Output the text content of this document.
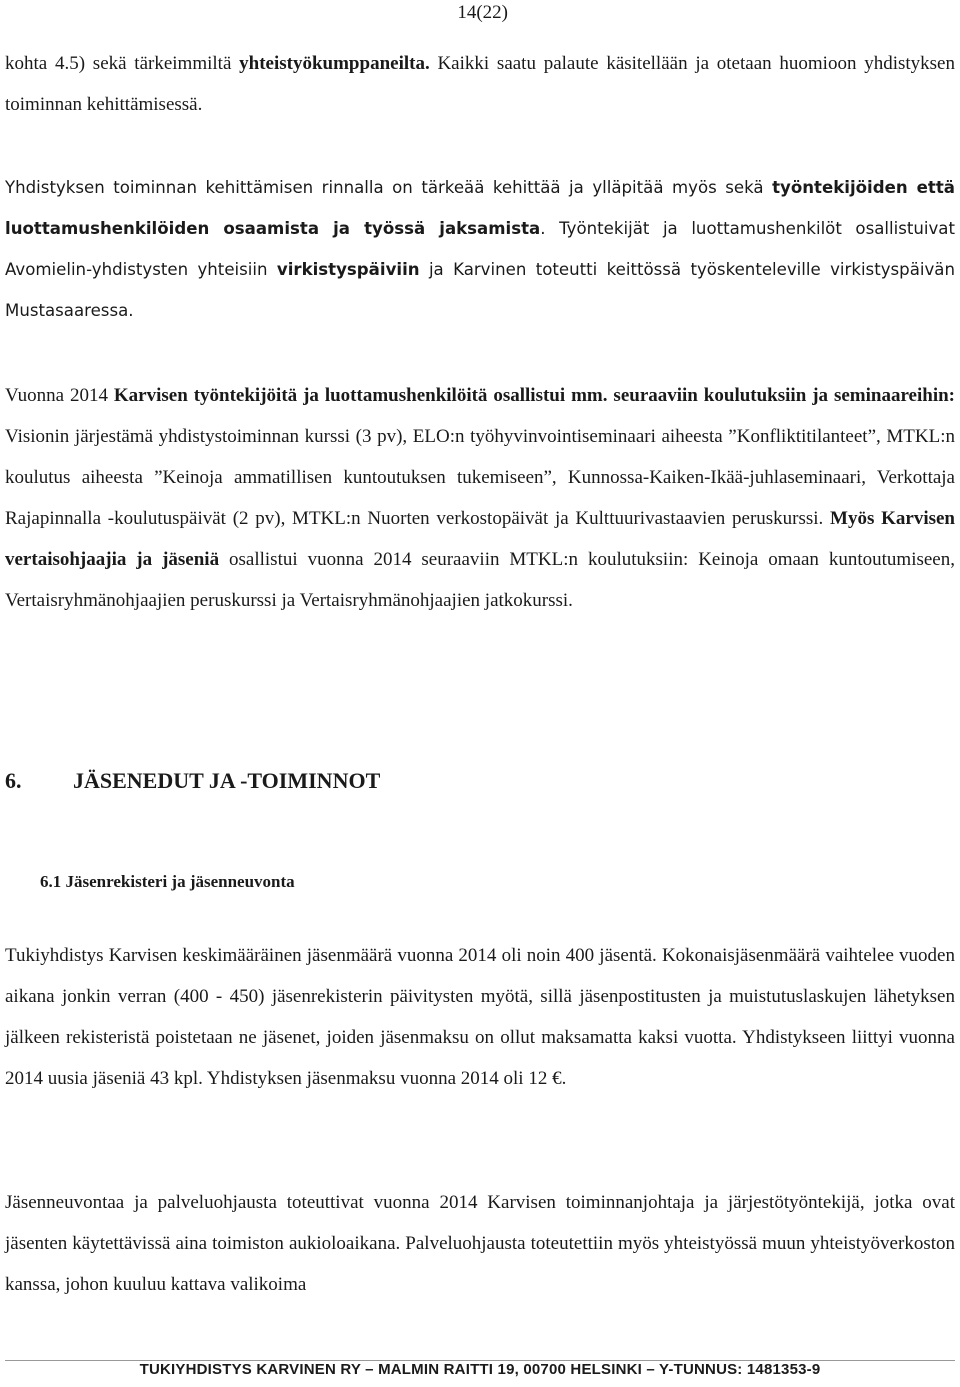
14(22)

kohta 4.5) sekä tärkeimmiltä yhteistyökumppaneilta. Kaikki saatu palaute käsitellään ja otetaan huomioon yhdistyksen toiminnan kehittämisessä.

Yhdistyksen toiminnan kehittämisen rinnalla on tärkeää kehittää ja ylläpitää myös sekä työntekijöiden että luottamushenkilöiden osaamista ja työssä jaksamista. Työntekijät ja luottamushenkilöt osallistuivat Avomielin-yhdistysten yhteisiin virkistyspäiviin ja Karvinen toteutti keittössä työskenteleville virkistyspäivän Mustasaaressa.

Vuonna 2014 Karvisen työntekijöitä ja luottamushenkilöitä osallistui mm. seuraaviin koulutuksiin ja seminaareihin: Visionin järjestämä yhdistystoiminnan kurssi (3 pv), ELO:n työhyvinvointiseminaari aiheesta ”Konfliktitilanteet”, MTKL:n koulutus aiheesta ”Keinoja ammatillisen kuntoutuksen tukemiseen”, Kunnossa-Kaiken-Ikää-juhlaseminaari, Verkottaja Rajapinnalla -koulutuspäivät (2 pv), MTKL:n Nuorten verkostopäivät ja Kulttuurivastaavien peruskurssi. Myös Karvisen vertaisohjaajia ja jäseniä osallistui vuonna 2014 seuraaviin MTKL:n koulutuksiin: Keinoja omaan kuntoutumiseen, Vertaisryhmänohjaajien peruskurssi ja Vertaisryhmänohjaajien jatkokurssi.

6. JÄSENEDUT JA -TOIMINNOT
6.1 Jäsenrekisteri ja jäsenneuvonta

Tukiyhdistys Karvisen keskimääräinen jäsenmäärä vuonna 2014 oli noin 400 jäsentä. Kokonaisjäsenmäärä vaihtelee vuoden aikana jonkin verran (400 - 450) jäsenrekisterin päivitysten myötä, sillä jäsenpostitusten ja muistutuslaskujen lähetyksen jälkeen rekisteristä poistetaan ne jäsenet, joiden jäsenmaksu on ollut maksamatta kaksi vuotta. Yhdistykseen liittyi vuonna 2014 uusia jäseniä 43 kpl. Yhdistyksen jäsenmaksu vuonna 2014 oli 12 €.

Jäsenneuvontaa ja palveluohjausta toteuttivat vuonna 2014 Karvisen toiminnanjohtaja ja järjestötyöntekijä, jotka ovat jäsenten käytettävissä aina toimiston aukioloaikana. Palveluohjausta toteutettiin myös yhteistyössä muun yhteistyöverkoston kanssa, johon kuuluu kattava valikoima

TUKIYHDISTYS KARVINEN RY – MALMIN RAITTI 19, 00700 HELSINKI – Y-TUNNUS: 1481353-9
